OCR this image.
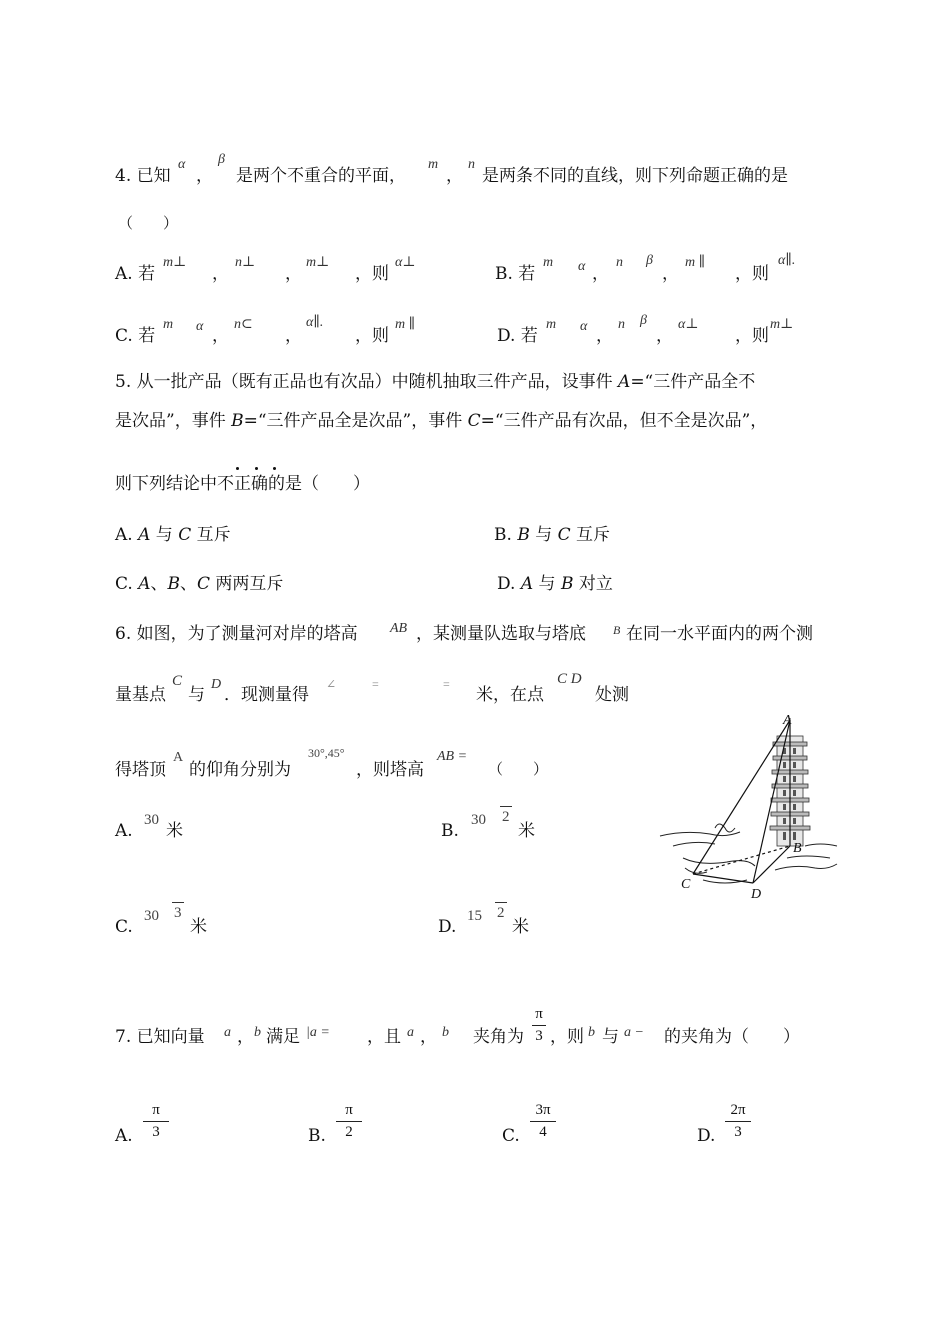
4. 已知
α
，
β
是两个不重合的平面，
m
，
n
是两条不同的直线，则下列命题正确的是
（　　）
A. 若
m⊥
，
n⊥
，
m⊥
，则
α⊥
B. 若
m α ，
n β
，
m ∥
，则
α∥.
C. 若
m α ，
n⊂
，
α∥.
，则
m ∥
D. 若
m α ，
n β
，
α⊥
，则
m⊥
5. 从一批产品（既有正品也有次品）中随机抽取三件产品，设事件 A=“三件产品全不
是次品”，事件 B=“三件产品全是次品”，事件 C=“三件产品有次品，但不全是次品”，
则下列结论中不正确的是（　　）
A. A 与 C 互斥	B. B 与 C 互斥
C. A、B、C 两两互斥	D. A 与 B 对立
6. 如图，为了测量河对岸的塔高 AB ，某测量队选取与塔底 B 在同一水平面内的两个测
量基点
C
与
D
．现测量得
∠	=	=
米，在点
C D
处测
得塔顶
A
的仰角分别为
30°,45°
，则塔高
AB =
（　　）
A.
30
米	B.
30 2
米
C.
30 3
米	D.
15 2
米
A
B
C
D
7. 已知向量 a ， b 满足 |a = ，且 a ， b 夹角为
π
3 ，则 b 与 a − 的夹角为（　　）
A.
π
3	B.
π
2	C.
3π
4	D.
2π
3
